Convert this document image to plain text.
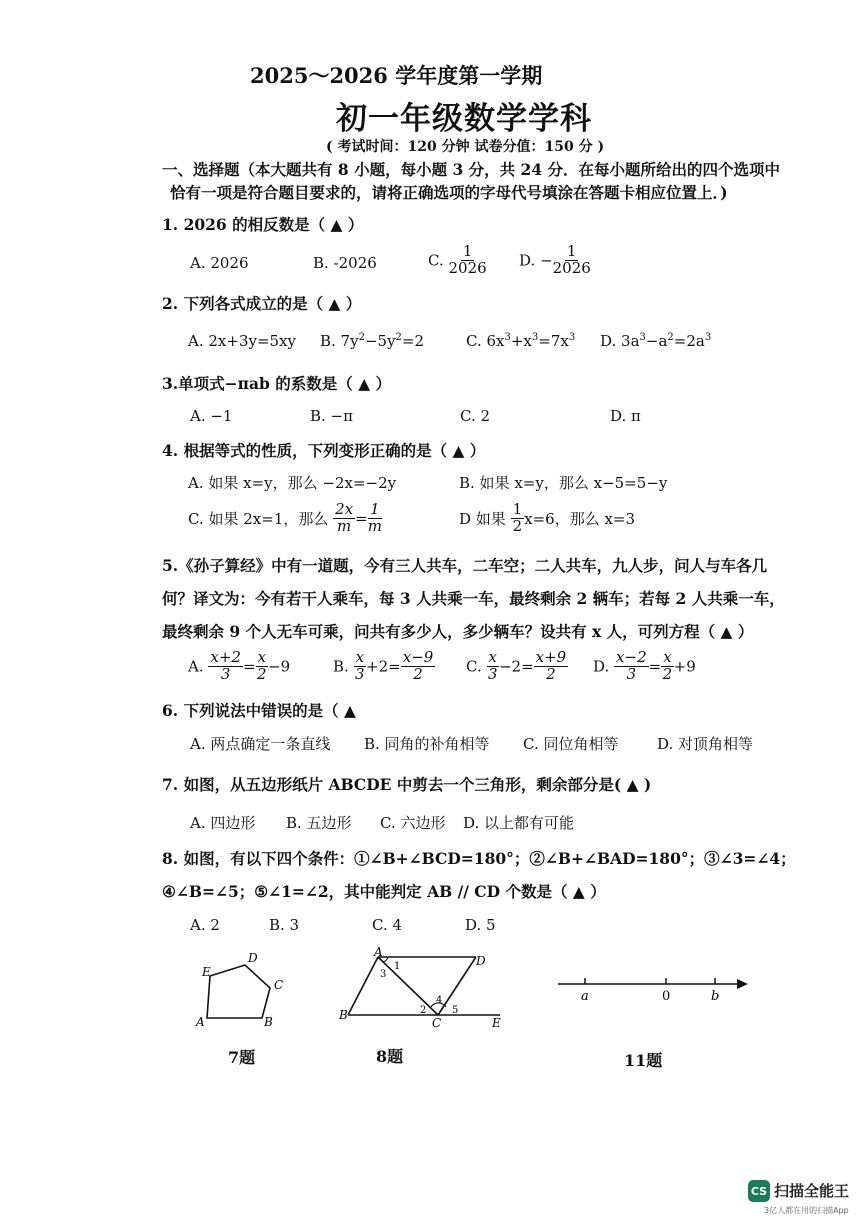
2025～2026 学年度第一学期
初一年级数学学科
( 考试时间：120 分钟 试卷分值：150 分 )
一、选择题（本大题共有 8 小题，每小题 3 分，共 24 分．在每小题所给出的四个选项中
恰有一项是符合题目要求的，请将正确选项的字母代号填涂在答题卡相应位置上．)
1. 2026 的相反数是（ ▲ ）
A. 2026	B. -2026	C. $\frac{1}{2026} D$. − $\frac{1}{2026}$
2. 下列各式成立的是（ ▲ ）
A. 2x+3y=5xy B. $7y^2-5y^2=2$	C. $6x^3+x^3=7x^3$ D. $3a^3-a^2=2a^3$
3.单项式−πab 的系数是（ ▲ ）
A. −1	B. −π	C. 2	D. π
4. 根据等式的性质，下列变形正确的是（ ▲ ）
A. 如果 x=y，那么 −2x=−2y	B. 如果 x=y，那么 x−5=5−y
C. 如果 2x=1，那么 $\frac{2x}{m} = \frac{1}{m}$	D 如果 $\frac{1}{2} x=6$，那么 x=3
5.《孙子算经》中有一道题，今有三人共车，二车空；二人共车，九人步，问人与车各几
何？译文为：今有若干人乘车，每 3 人共乘一车，最终剩余 2 辆车；若每 2 人共乘一车，
最终剩余 9 个人无车可乘，问共有多少人，多少辆车？设共有 x 人，可列方程（ ▲ ）
A. $\frac{x+2}{3} = \frac{x}{2} -9$	B. $\frac{x}{3} +2= \frac{x-9}{2} C$. $\frac{x}{3} -2= \frac{x+9}{2} D$. $\frac{x-2}{3} = \frac{x}{2} +9$
6. 下列说法中错误的是（ ▲
A. 两点确定一条直线 B. 同角的补角相等 C. 同位角相等	D. 对顶角相等
7. 如图，从五边形纸片 ABCDE 中剪去一个三角形，剩余部分是( ▲ )
A. 四边形 B. 五边形 C. 六边形 D. 以上都有可能
8. 如图，有以下四个条件：①∠B+∠BCD=180°；②∠B+∠BAD=180°；③∠3=∠4；
④∠B=∠5；⑤∠1=∠2，其中能判定 AB // CD 个数是（ ▲ ）
A. 2	B. 3	C. 4	D. 5
E
D
C
B
A
7题
A
D
B
C	E
1
3
2
4
5
8题
a	0	b
11题
CS 扫描全能王
3亿人都在用的扫描App
